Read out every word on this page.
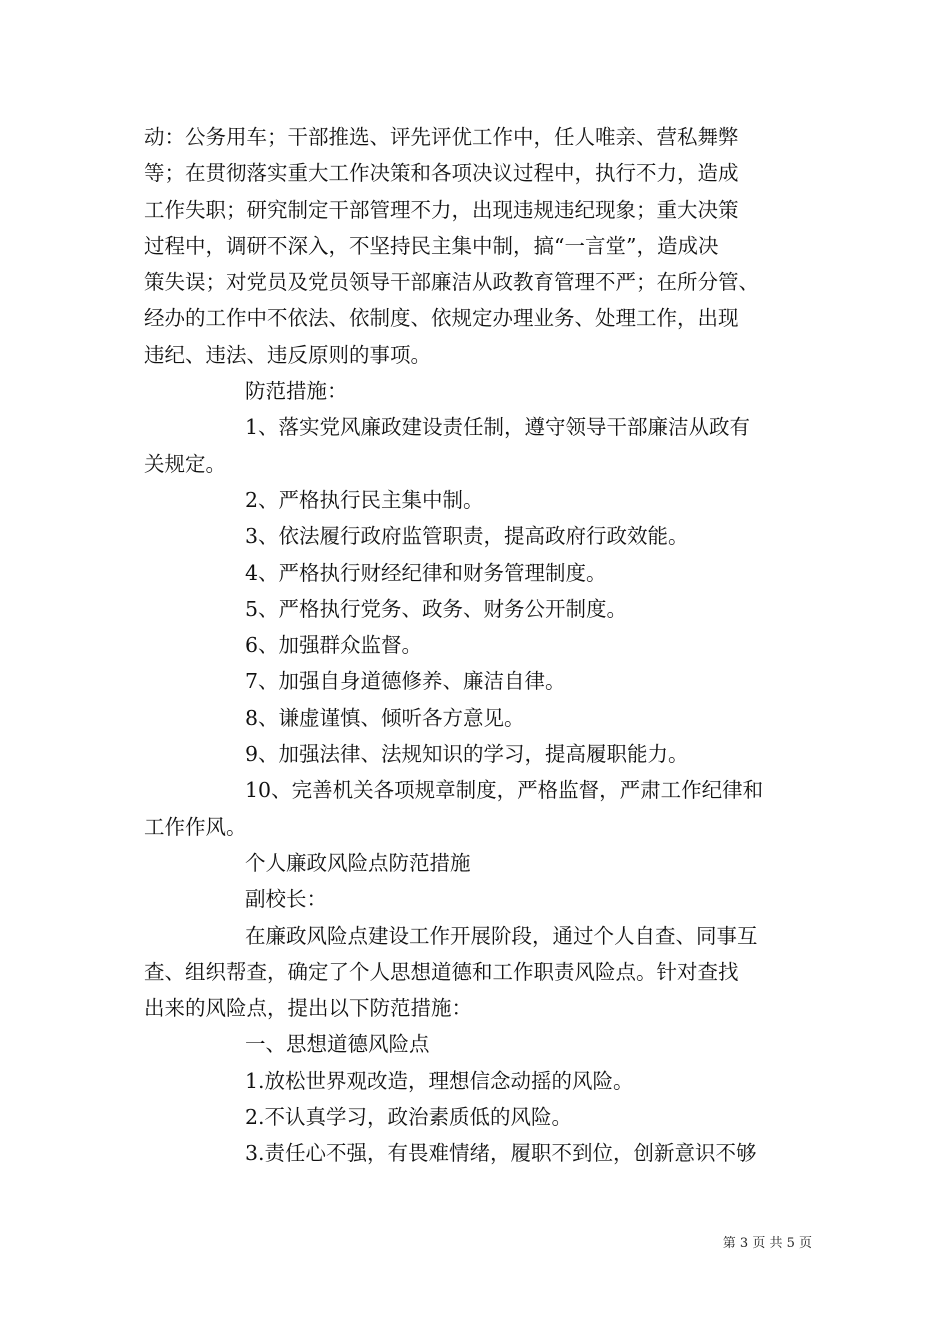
动：公务用车；干部推选、评先评优工作中，任人唯亲、营私舞弊
等；在贯彻落实重大工作决策和各项决议过程中，执行不力，造成
工作失职；研究制定干部管理不力，出现违规违纪现象；重大决策
过程中，调研不深入，不坚持民主集中制，搞“一言堂”，造成决
策失误；对党员及党员领导干部廉洁从政教育管理不严；在所分管、
经办的工作中不依法、依制度、依规定办理业务、处理工作，出现
违纪、违法、违反原则的事项。
防范措施：
1、落实党风廉政建设责任制，遵守领导干部廉洁从政有
关规定。
2、严格执行民主集中制。
3、依法履行政府监管职责，提高政府行政效能。
4、严格执行财经纪律和财务管理制度。
5、严格执行党务、政务、财务公开制度。
6、加强群众监督。
7、加强自身道德修养、廉洁自律。
8、谦虚谨慎、倾听各方意见。
9、加强法律、法规知识的学习，提高履职能力。
10、完善机关各项规章制度，严格监督，严肃工作纪律和
工作作风。
个人廉政风险点防范措施
副校长：
在廉政风险点建设工作开展阶段，通过个人自查、同事互
查、组织帮查，确定了个人思想道德和工作职责风险点。针对查找
出来的风险点，提出以下防范措施：
一、思想道德风险点
1.放松世界观改造，理想信念动摇的风险。
2.不认真学习，政治素质低的风险。
3.责任心不强，有畏难情绪，履职不到位，创新意识不够
第 3 页 共 5 页
